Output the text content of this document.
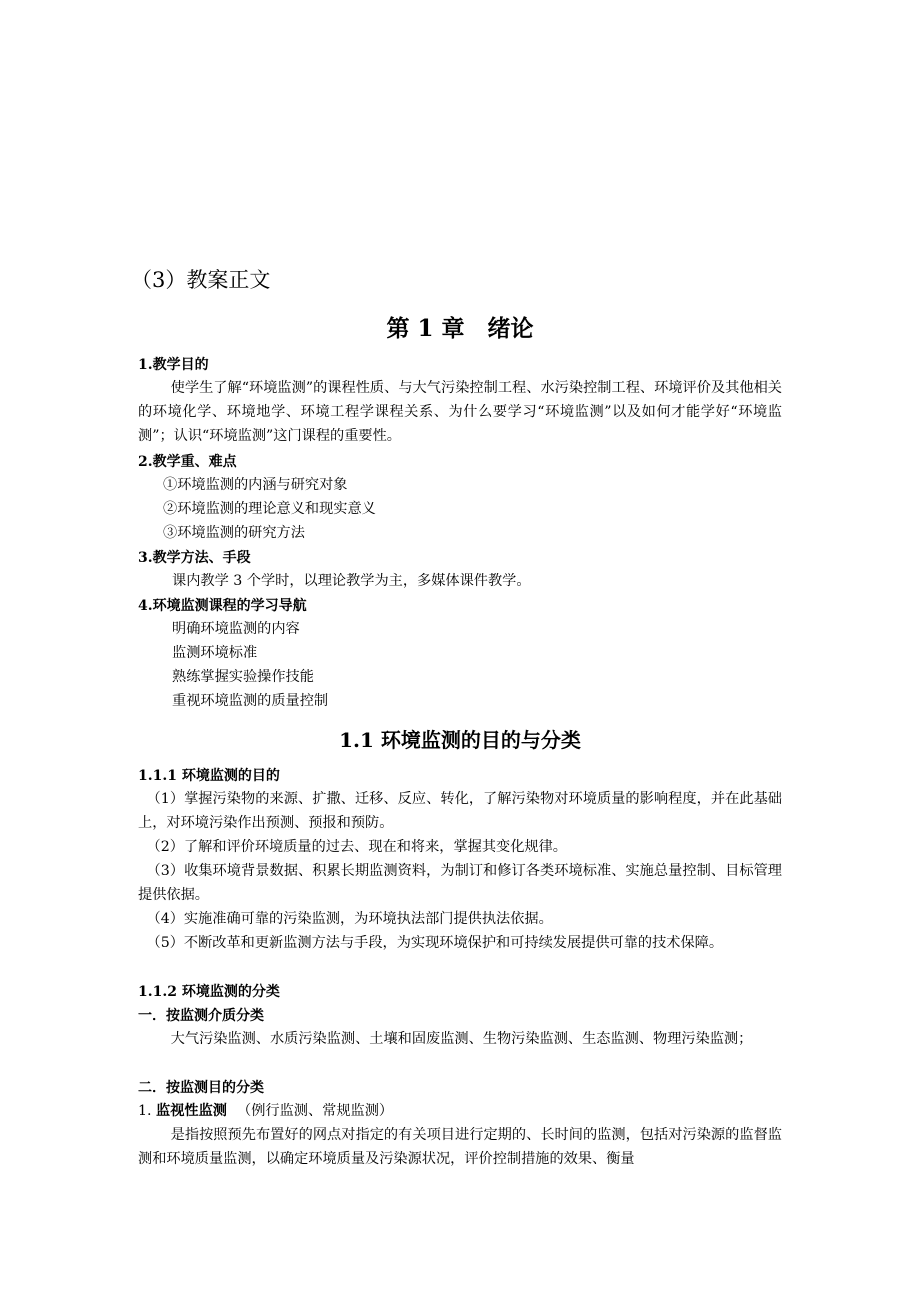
（3）教案正文
第 1 章　绪论
1.教学目的
使学生了解“环境监测”的课程性质、与大气污染控制工程、水污染控制工程、环境评价及其他相关的环境化学、环境地学、环境工程学课程关系、为什么要学习“环境监测”以及如何才能学好“环境监测”；认识“环境监测”这门课程的重要性。
2.教学重、难点
①环境监测的内涵与研究对象
②环境监测的理论意义和现实意义
③环境监测的研究方法
3.教学方法、手段
课内教学 3 个学时，以理论教学为主，多媒体课件教学。
4.环境监测课程的学习导航
明确环境监测的内容
监测环境标准
熟练掌握实验操作技能
重视环境监测的质量控制
1.1 环境监测的目的与分类
1.1.1 环境监测的目的
（1）掌握污染物的来源、扩撒、迁移、反应、转化，了解污染物对环境质量的影响程度，并在此基础上，对环境污染作出预测、预报和预防。
（2）了解和评价环境质量的过去、现在和将来，掌握其变化规律。
（3）收集环境背景数据、积累长期监测资料，为制订和修订各类环境标准、实施总量控制、目标管理提供依据。
（4）实施准确可靠的污染监测，为环境执法部门提供执法依据。
（5）不断改革和更新监测方法与手段，为实现环境保护和可持续发展提供可靠的技术保障。
1.1.2 环境监测的分类
一．按监测介质分类
大气污染监测、水质污染监测、土壤和固废监测、生物污染监测、生态监测、物理污染监测；
二．按监测目的分类
1. 监视性监测 （例行监测、常规监测）
是指按照预先布置好的网点对指定的有关项目进行定期的、长时间的监测，包括对污染源的监督监测和环境质量监测，以确定环境质量及污染源状况，评价控制措施的效果、衡量
